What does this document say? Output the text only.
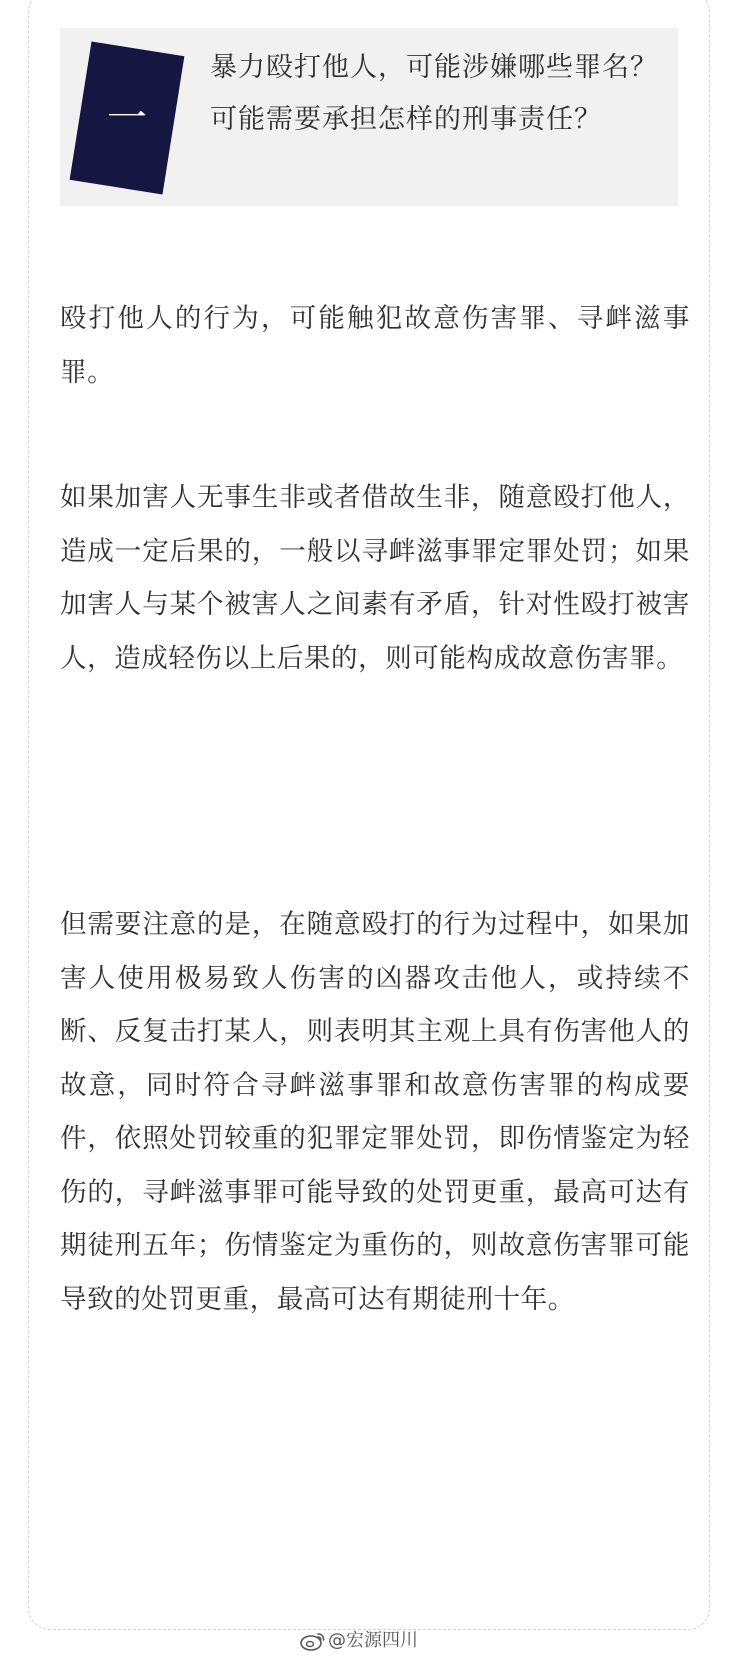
一
暴力殴打他人，可能涉嫌哪些罪名？可能需要承担怎样的刑事责任？

殴打他人的行为，可能触犯故意伤害罪、寻衅滋事罪。

如果加害人无事生非或者借故生非，随意殴打他人，造成一定后果的，一般以寻衅滋事罪定罪处罚；如果加害人与某个被害人之间素有矛盾，针对性殴打被害人，造成轻伤以上后果的，则可能构成故意伤害罪。

但需要注意的是，在随意殴打的行为过程中，如果加害人使用极易致人伤害的凶器攻击他人，或持续不断、反复击打某人，则表明其主观上具有伤害他人的故意，同时符合寻衅滋事罪和故意伤害罪的构成要件，依照处罚较重的犯罪定罪处罚，即伤情鉴定为轻伤的，寻衅滋事罪可能导致的处罚更重，最高可达有期徒刑五年；伤情鉴定为重伤的，则故意伤害罪可能导致的处罚更重，最高可达有期徒刑十年。

@宏源四川
